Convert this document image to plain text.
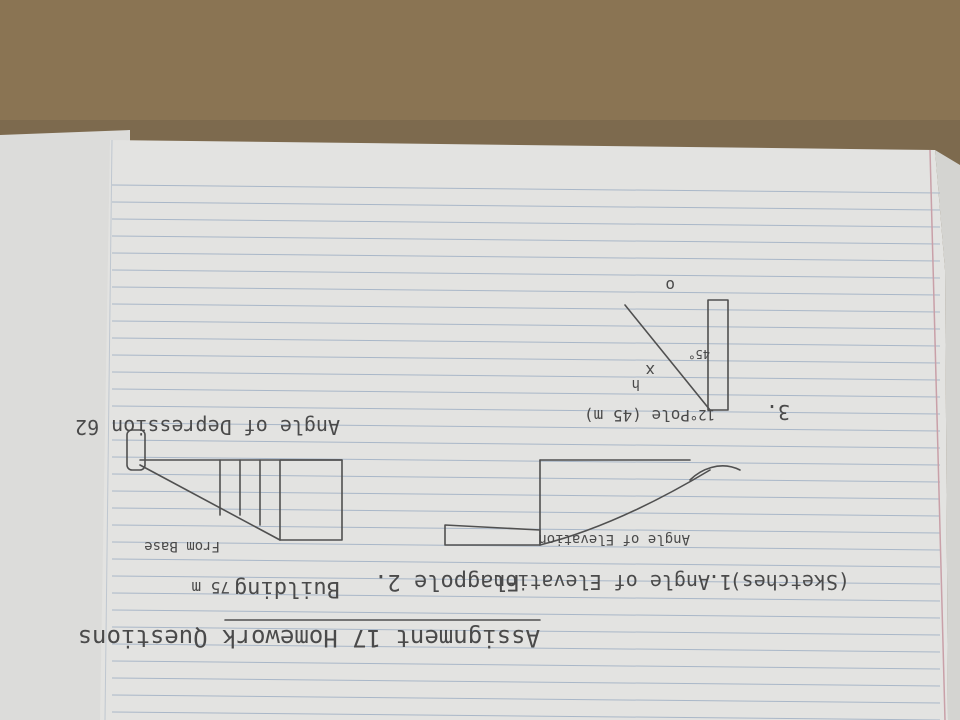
Assignment 17 Homework Questions
(Sketches)
1.
Angle of Elevation
Flagpole 2.
Building
75 m
From Base	Angle of Elevation
Angle of Depression 62
3.
Pole (45 m) 12°
h
x
45°
o
